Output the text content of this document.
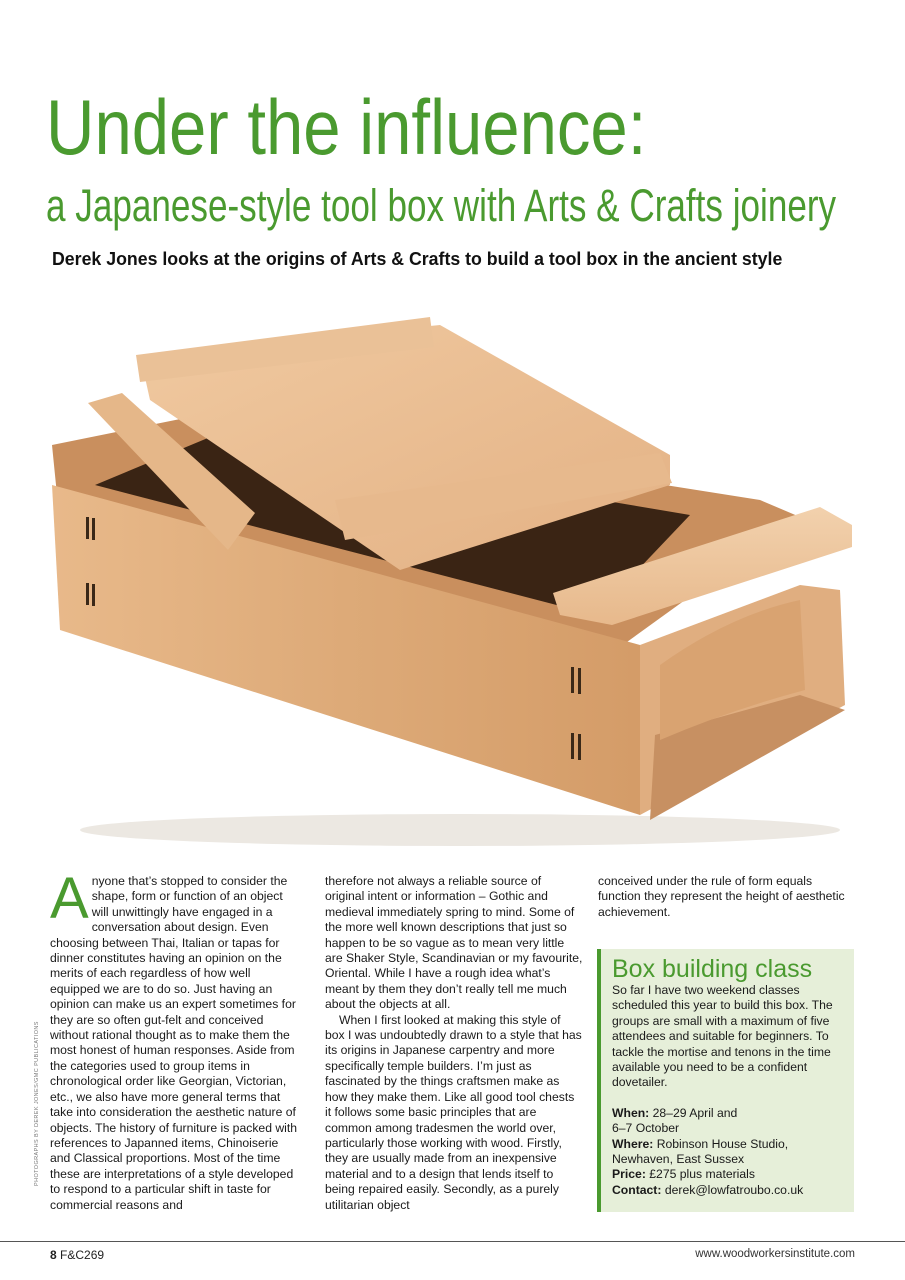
Under the influence:
a Japanese-style tool box with Arts & Crafts joinery

Derek Jones looks at the origins of Arts & Crafts to build a tool box in the ancient style

PHOTOGRAPHS BY DEREK JONES/GMC PUBLICATIONS

Anyone that’s stopped to consider the shape, form or function of an object will unwittingly have engaged in a conversation about design. Even choosing between Thai, Italian or tapas for dinner constitutes having an opinion on the merits of each regardless of how well equipped we are to do so. Just having an opinion can make us an expert sometimes for they are so often gut-felt and conceived without rational thought as to make them the most honest of human responses. Aside from the categories used to group items in chronological order like Georgian, Victorian, etc., we also have more general terms that take into consideration the aesthetic nature of objects. The history of furniture is packed with references to Japanned items, Chinoiserie and Classical proportions. Most of the time these are interpretations of a style developed to respond to a particular shift in taste for commercial reasons and

therefore not always a reliable source of original intent or information – Gothic and medieval immediately spring to mind. Some of the more well known descriptions that just so happen to be so vague as to mean very little are Shaker Style, Scandinavian or my favourite, Oriental. While I have a rough idea what’s meant by them they don’t really tell me much about the objects at all.

When I first looked at making this style of box I was undoubtedly drawn to a style that has its origins in Japanese carpentry and more specifically temple builders. I’m just as fascinated by the things craftsmen make as how they make them. Like all good tool chests it follows some basic principles that are common among tradesmen the world over, particularly those working with wood. Firstly, they are usually made from an inexpensive material and to a design that lends itself to being repaired easily. Secondly, as a purely utilitarian object

conceived under the rule of form equals function they represent the height of aesthetic achievement.

Box building class

So far I have two weekend classes scheduled this year to build this box. The groups are small with a maximum of five attendees and suitable for beginners. To tackle the mortise and tenons in the time available you need to be a confident dovetailer.

When: 28–29 April and

6–7 October

Where: Robinson House Studio,

Newhaven, East Sussex

Price: £275 plus materials

Contact: derek@lowfatroubo.co.uk

8 F&C269	www.woodworkersinstitute.com
